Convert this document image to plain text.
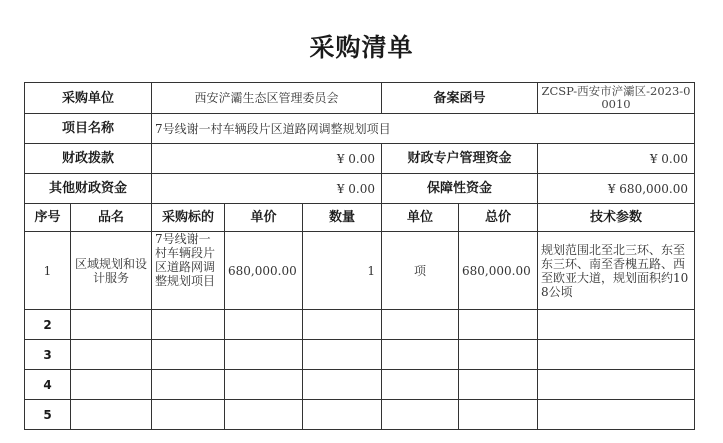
采购清单
采购单位		西安浐灞生态区管理委员会			备案函号		ZCSP-西安市浐灞区-2023-00010
项目名称		7号线谢一村车辆段片区道路网调整规划项目					
财政拨款		¥ 0.00			财政专户管理资金		¥ 0.00
其他财政资金		¥ 0.00			保障性资金		¥ 680,000.00
序号	品名	采购标的	单价	数量	单位	总价	技术参数
1	区域规划和设计服务	7号线谢一村车辆段片区道路网调整规划项目	680,000.00	1	项	680,000.00	规划范围北至北三环、东至东三环、南至香槐五路、西至欧亚大道，规划面积约108公顷
2							
3							
4							
5							
